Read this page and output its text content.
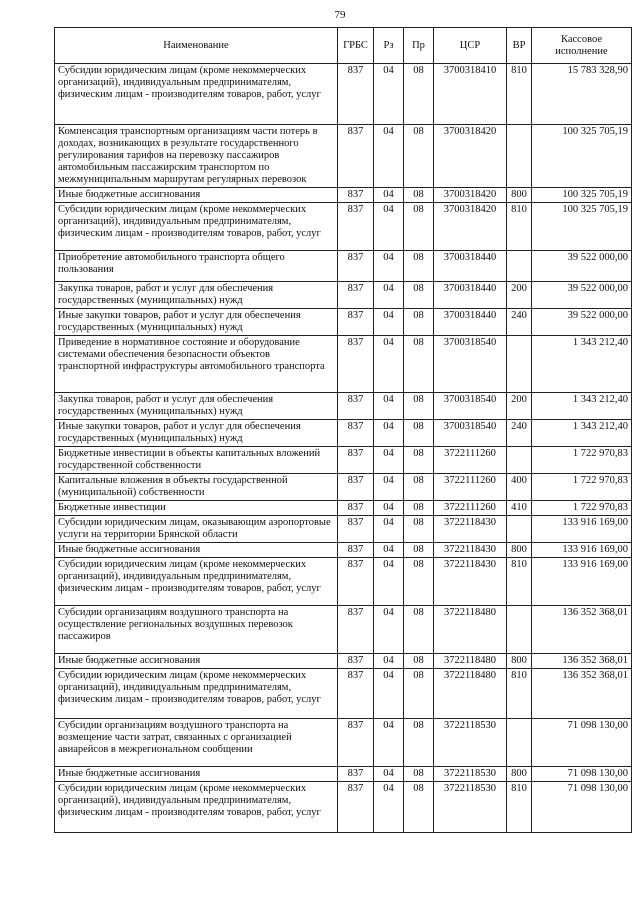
79
Наименование	ГРБС	Рз	Пр	ЦСР	ВР	Кассовое исполнение
Субсидии юридическим лицам (кроме некоммерческих организаций), индивидуальным предпринимателям, физическим лицам - производителям товаров, работ, услуг	837	04	08	3700318410	810	15 783 328,90
Компенсация транспортным организациям части потерь в доходах, возникающих в результате государственного регулирования тарифов на перевозку пассажиров автомобильным пассажирским транспортом по межмуниципальным маршрутам регулярных перевозок	837	04	08	3700318420		100 325 705,19
Иные бюджетные ассигнования	837	04	08	3700318420	800	100 325 705,19
Субсидии юридическим лицам (кроме некоммерческих организаций), индивидуальным предпринимателям, физическим лицам - производителям товаров, работ, услуг	837	04	08	3700318420	810	100 325 705,19
Приобретение автомобильного транспорта общего пользования	837	04	08	3700318440		39 522 000,00
Закупка товаров, работ и услуг для обеспечения государственных (муниципальных) нужд	837	04	08	3700318440	200	39 522 000,00
Иные закупки товаров, работ и услуг для обеспечения государственных (муниципальных) нужд	837	04	08	3700318440	240	39 522 000,00
Приведение в нормативное состояние и оборудование системами обеспечения безопасности объектов транспортной инфраструктуры автомобильного транспорта	837	04	08	3700318540		1 343 212,40
Закупка товаров, работ и услуг для обеспечения государственных (муниципальных) нужд	837	04	08	3700318540	200	1 343 212,40
Иные закупки товаров, работ и услуг для обеспечения государственных (муниципальных) нужд	837	04	08	3700318540	240	1 343 212,40
Бюджетные инвестиции в объекты капитальных вложений государственной собственности	837	04	08	3722111260		1 722 970,83
Капитальные вложения в объекты государственной (муниципальной) собственности	837	04	08	3722111260	400	1 722 970,83
Бюджетные инвестиции	837	04	08	3722111260	410	1 722 970,83
Субсидии юридическим лицам, оказывающим аэропортовые услуги на территории Брянской области	837	04	08	3722118430		133 916 169,00
Иные бюджетные ассигнования	837	04	08	3722118430	800	133 916 169,00
Субсидии юридическим лицам (кроме некоммерческих организаций), индивидуальным предпринимателям, физическим лицам - производителям товаров, работ, услуг	837	04	08	3722118430	810	133 916 169,00
Субсидии организациям воздушного транспорта на осуществление региональных воздушных перевозок пассажиров	837	04	08	3722118480		136 352 368,01
Иные бюджетные ассигнования	837	04	08	3722118480	800	136 352 368,01
Субсидии юридическим лицам (кроме некоммерческих организаций), индивидуальным предпринимателям, физическим лицам - производителям товаров, работ, услуг	837	04	08	3722118480	810	136 352 368,01
Субсидии организациям воздушного транспорта на возмещение части затрат, связанных с организацией авиарейсов в межрегиональном сообщении	837	04	08	3722118530		71 098 130,00
Иные бюджетные ассигнования	837	04	08	3722118530	800	71 098 130,00
Субсидии юридическим лицам (кроме некоммерческих организаций), индивидуальным предпринимателям, физическим лицам - производителям товаров, работ, услуг	837	04	08	3722118530	810	71 098 130,00
